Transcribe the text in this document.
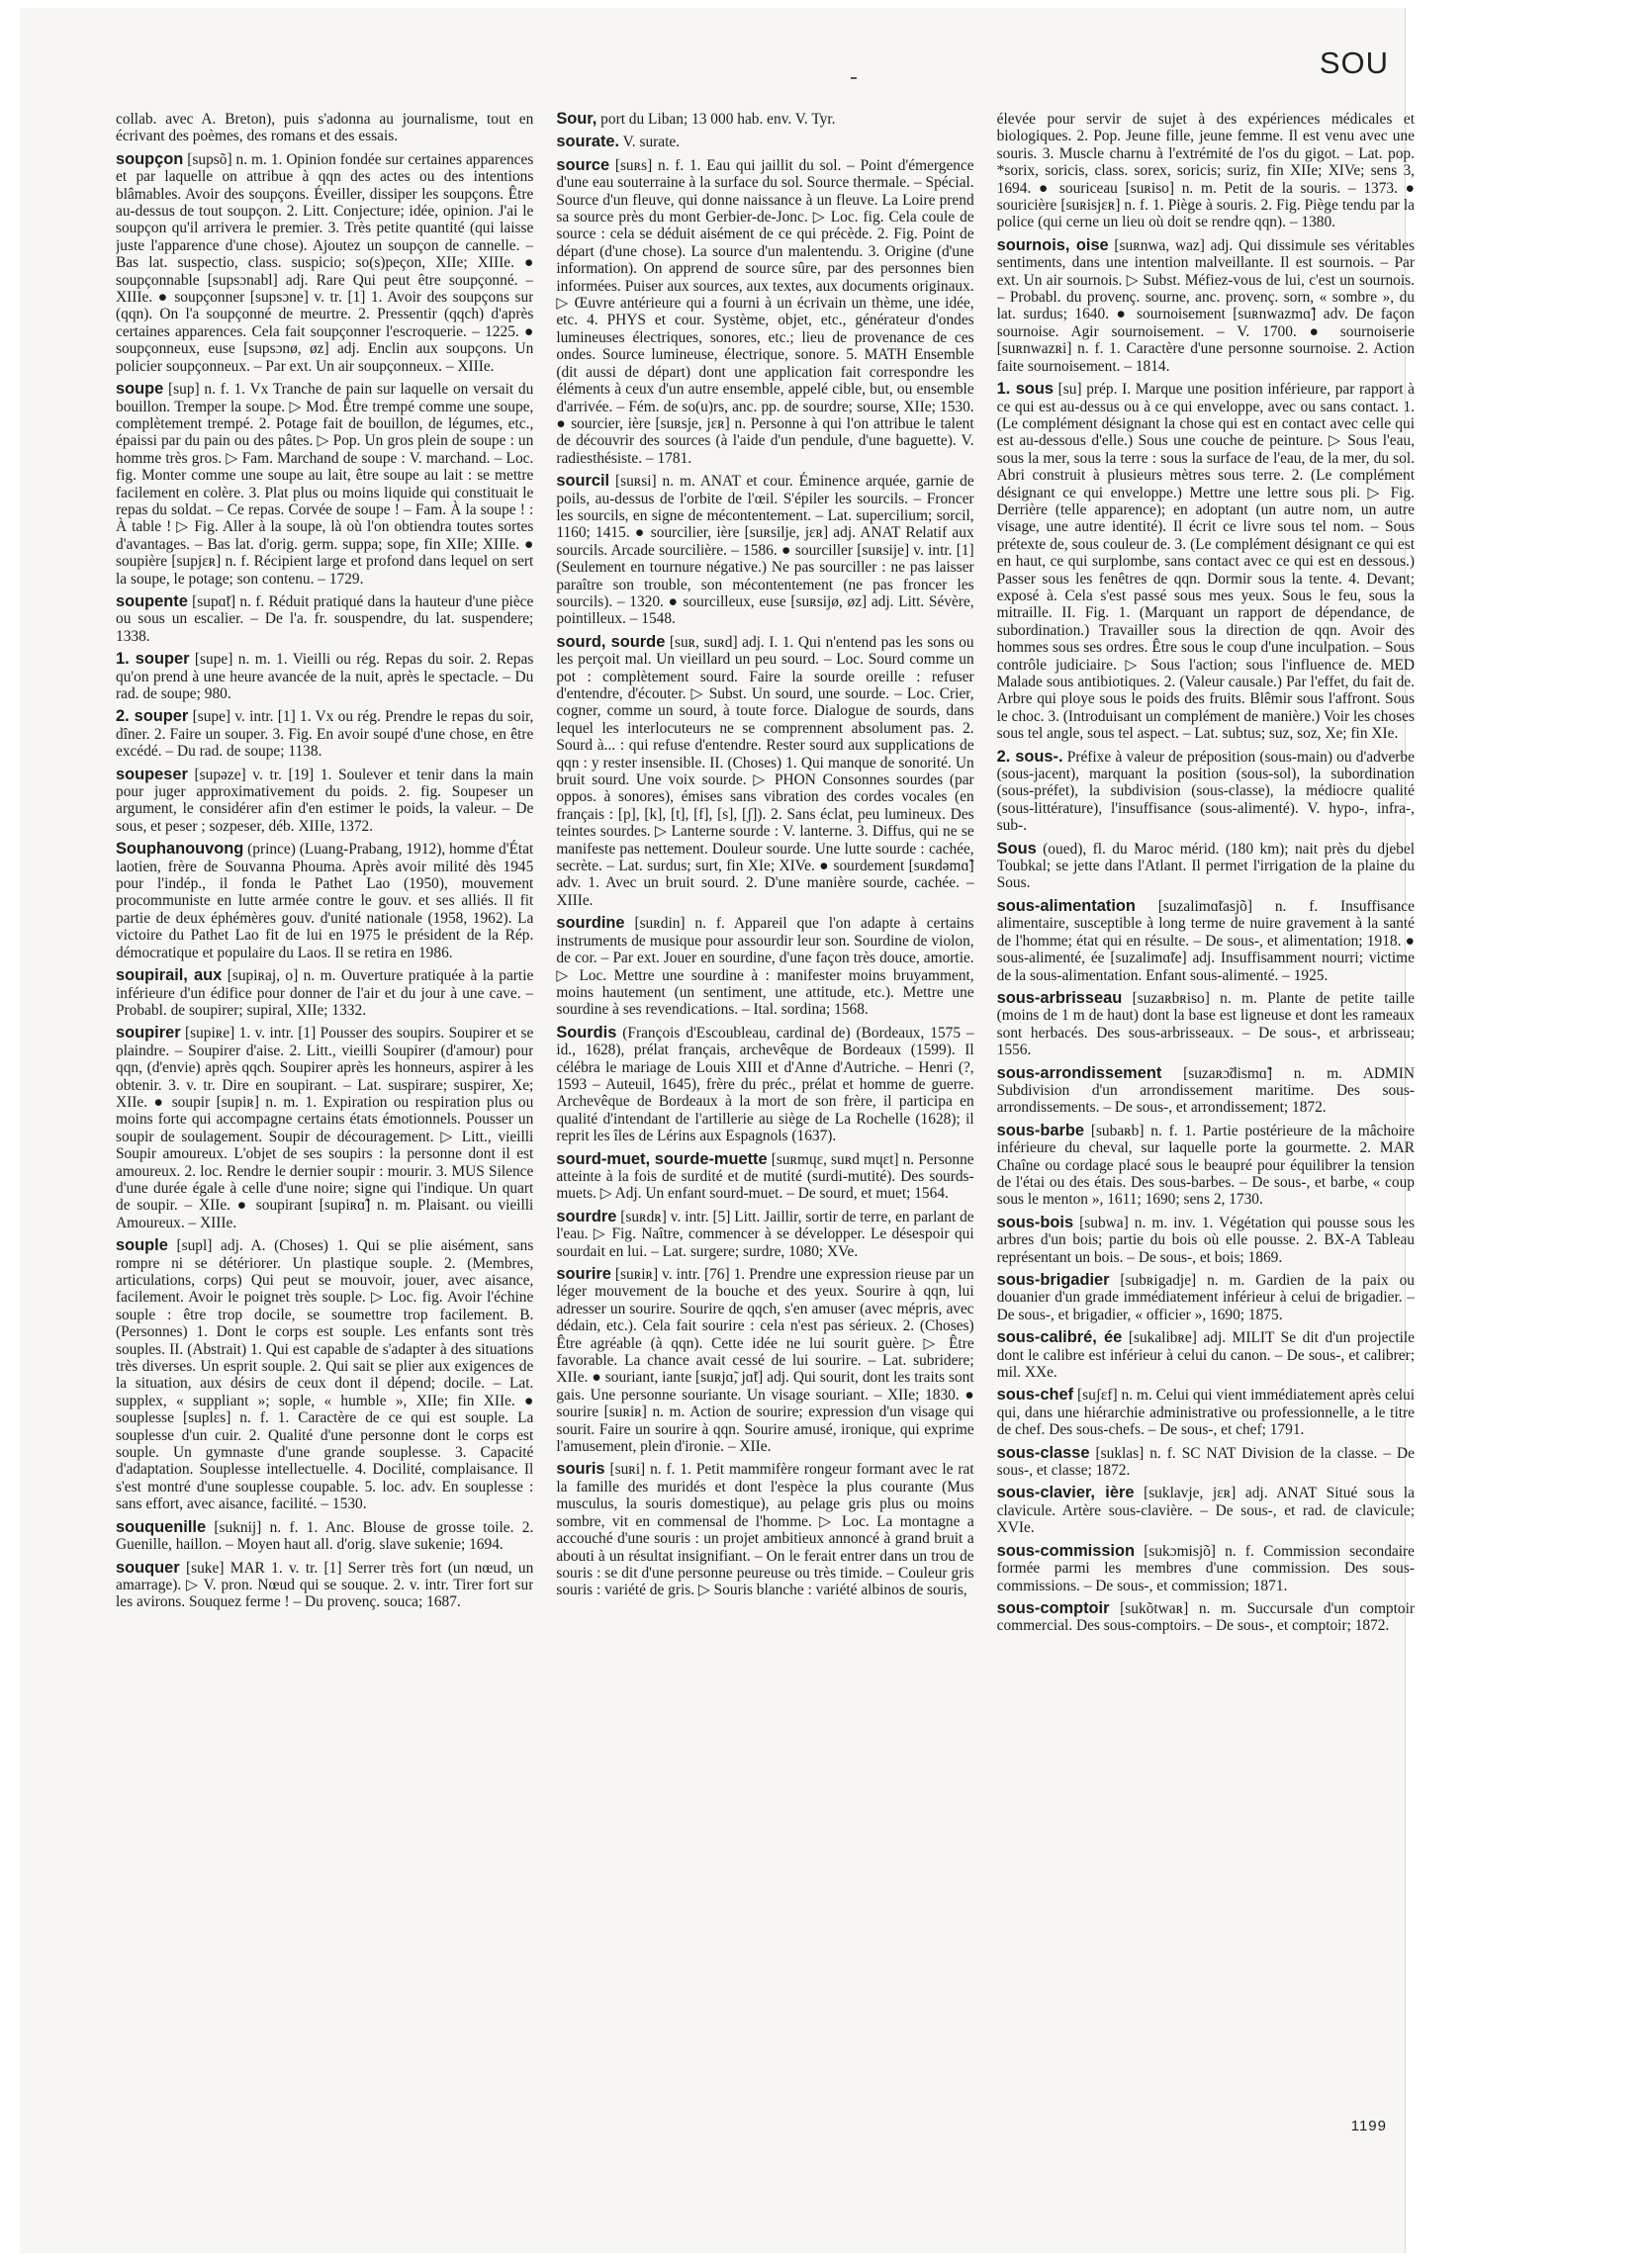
SOU

collab. avec A. Breton), puis s'adonna au journalisme, tout en écrivant des poèmes, des romans et des essais.

soupçon [supsõ] n. m. 1. Opinion fondée sur certaines apparences et par laquelle on attribue à qqn des actes ou des intentions blâmables. Avoir des soupçons. Éveiller, dissiper les soupçons. Être au-dessus de tout soupçon. 2. Litt. Conjecture; idée, opinion. J'ai le soupçon qu'il arrivera le premier. 3. Très petite quantité (qui laisse juste l'apparence d'une chose). Ajoutez un soupçon de cannelle. – Bas lat. suspectio, class. suspicio; so(s)peçon, XIIe; XIIIe. ● soupçonnable [supsɔnabl] adj. Rare Qui peut être soupçonné. – XIIIe. ● soupçonner [supsɔne] v. tr. [1] 1. Avoir des soupçons sur (qqn). On l'a soupçonné de meurtre. 2. Pressentir (qqch) d'après certaines apparences. Cela fait soupçonner l'escroquerie. – 1225. ● soupçonneux, euse [supsɔnø, øz] adj. Enclin aux soupçons. Un policier soupçonneux. – Par ext. Un air soupçonneux. – XIIIe.

soupe [sup] n. f. 1. Vx Tranche de pain sur laquelle on versait du bouillon. Tremper la soupe. ▷ Mod. Être trempé comme une soupe, complètement trempé. 2. Potage fait de bouillon, de légumes, etc., épaissi par du pain ou des pâtes. ▷ Pop. Un gros plein de soupe : un homme très gros. ▷ Fam. Marchand de soupe : V. marchand. – Loc. fig. Monter comme une soupe au lait, être soupe au lait : se mettre facilement en colère. 3. Plat plus ou moins liquide qui constituait le repas du soldat. – Ce repas. Corvée de soupe ! – Fam. À la soupe ! : À table ! ▷ Fig. Aller à la soupe, là où l'on obtiendra toutes sortes d'avantages. – Bas lat. d'orig. germ. suppa; sope, fin XIIe; XIIIe. ● soupière [supjɛʀ] n. f. Récipient large et profond dans lequel on sert la soupe, le potage; son contenu. – 1729.

soupente [supɑ̃t] n. f. Réduit pratiqué dans la hauteur d'une pièce ou sous un escalier. – De l'a. fr. souspendre, du lat. suspendere; 1338.

1. souper [supe] n. m. 1. Vieilli ou rég. Repas du soir. 2. Repas qu'on prend à une heure avancée de la nuit, après le spectacle. – Du rad. de soupe; 980.

2. souper [supe] v. intr. [1] 1. Vx ou rég. Prendre le repas du soir, dîner. 2. Faire un souper. 3. Fig. En avoir soupé d'une chose, en être excédé. – Du rad. de soupe; 1138.

soupeser [supəze] v. tr. [19] 1. Soulever et tenir dans la main pour juger approximativement du poids. 2. fig. Soupeser un argument, le considérer afin d'en estimer le poids, la valeur. – De sous, et peser ; sozpeser, déb. XIIIe, 1372.

Souphanouvong (prince) (Luang-Prabang, 1912), homme d'État laotien, frère de Souvanna Phouma. Après avoir milité dès 1945 pour l'indép., il fonda le Pathet Lao (1950), mouvement procommuniste en lutte armée contre le gouv. et ses alliés. Il fit partie de deux éphémères gouv. d'unité nationale (1958, 1962). La victoire du Pathet Lao fit de lui en 1975 le président de la Rép. démocratique et populaire du Laos. Il se retira en 1986.

soupirail, aux [supiʀaj, o] n. m. Ouverture pratiquée à la partie inférieure d'un édifice pour donner de l'air et du jour à une cave. – Probabl. de soupirer; supiral, XIIe; 1332.

soupirer [supiʀe] 1. v. intr. [1] Pousser des soupirs. Soupirer et se plaindre. – Soupirer d'aise. 2. Litt., vieilli Soupirer (d'amour) pour qqn, (d'envie) après qqch. Soupirer après les honneurs, aspirer à les obtenir. 3. v. tr. Dire en soupirant. – Lat. suspirare; suspirer, Xe; XIIe. ● soupir [supiʀ] n. m. 1. Expiration ou respiration plus ou moins forte qui accompagne certains états émotionnels. Pousser un soupir de soulagement. Soupir de découragement. ▷ Litt., vieilli Soupir amoureux. L'objet de ses soupirs : la personne dont il est amoureux. 2. loc. Rendre le dernier soupir : mourir. 3. MUS Silence d'une durée égale à celle d'une noire; signe qui l'indique. Un quart de soupir. – XIIe. ● soupirant [supiʀɑ̃] n. m. Plaisant. ou vieilli Amoureux. – XIIIe.

souple [supl] adj. A. (Choses) 1. Qui se plie aisément, sans rompre ni se détériorer. Un plastique souple. 2. (Membres, articulations, corps) Qui peut se mouvoir, jouer, avec aisance, facilement. Avoir le poignet très souple. ▷ Loc. fig. Avoir l'échine souple : être trop docile, se soumettre trop facilement. B. (Personnes) 1. Dont le corps est souple. Les enfants sont très souples. II. (Abstrait) 1. Qui est capable de s'adapter à des situations très diverses. Un esprit souple. 2. Qui sait se plier aux exigences de la situation, aux désirs de ceux dont il dépend; docile. – Lat. supplex, « suppliant »; sople, « humble », XIIe; fin XIIe. ● souplesse [suplɛs] n. f. 1. Caractère de ce qui est souple. La souplesse d'un cuir. 2. Qualité d'une personne dont le corps est souple. Un gymnaste d'une grande souplesse. 3. Capacité d'adaptation. Souplesse intellectuelle. 4. Docilité, complaisance. Il s'est montré d'une souplesse coupable. 5. loc. adv. En souplesse : sans effort, avec aisance, facilité. – 1530.

souquenille [suknij] n. f. 1. Anc. Blouse de grosse toile. 2. Guenille, haillon. – Moyen haut all. d'orig. slave sukenie; 1694.

souquer [suke] MAR 1. v. tr. [1] Serrer très fort (un nœud, un amarrage). ▷ V. pron. Nœud qui se souque. 2. v. intr. Tirer fort sur les avirons. Souquez ferme ! – Du provenç. souca; 1687.

Sour, port du Liban; 13 000 hab. env. V. Tyr.

sourate. V. surate.

source [suʀs] n. f. 1. Eau qui jaillit du sol. – Point d'émergence d'une eau souterraine à la surface du sol. Source thermale. – Spécial. Source d'un fleuve, qui donne naissance à un fleuve. La Loire prend sa source près du mont Gerbier-de-Jonc. ▷ Loc. fig. Cela coule de source : cela se déduit aisément de ce qui précède. 2. Fig. Point de départ (d'une chose). La source d'un malentendu. 3. Origine (d'une information). On apprend de source sûre, par des personnes bien informées. Puiser aux sources, aux textes, aux documents originaux. ▷ Œuvre antérieure qui a fourni à un écrivain un thème, une idée, etc. 4. PHYS et cour. Système, objet, etc., générateur d'ondes lumineuses électriques, sonores, etc.; lieu de provenance de ces ondes. Source lumineuse, électrique, sonore. 5. MATH Ensemble (dit aussi de départ) dont une application fait correspondre les éléments à ceux d'un autre ensemble, appelé cible, but, ou ensemble d'arrivée. – Fém. de so(u)rs, anc. pp. de sourdre; sourse, XIIe; 1530. ● sourcier, ière [suʀsje, jɛʀ] n. Personne à qui l'on attribue le talent de découvrir des sources (à l'aide d'un pendule, d'une baguette). V. radiesthésiste. – 1781.

sourcil [suʀsi] n. m. ANAT et cour. Éminence arquée, garnie de poils, au-dessus de l'orbite de l'œil. S'épiler les sourcils. – Froncer les sourcils, en signe de mécontentement. – Lat. supercilium; sorcil, 1160; 1415. ● sourcilier, ière [suʀsilje, jɛʀ] adj. ANAT Relatif aux sourcils. Arcade sourcilière. – 1586. ● sourciller [suʀsije] v. intr. [1] (Seulement en tournure négative.) Ne pas sourciller : ne pas laisser paraître son trouble, son mécontentement (ne pas froncer les sourcils). – 1320. ● sourcilleux, euse [suʀsijø, øz] adj. Litt. Sévère, pointilleux. – 1548.

sourd, sourde [suʀ, suʀd] adj. I. 1. Qui n'entend pas les sons ou les perçoit mal. Un vieillard un peu sourd. – Loc. Sourd comme un pot : complètement sourd. Faire la sourde oreille : refuser d'entendre, d'écouter. ▷ Subst. Un sourd, une sourde. – Loc. Crier, cogner, comme un sourd, à toute force. Dialogue de sourds, dans lequel les interlocuteurs ne se comprennent absolument pas. 2. Sourd à... : qui refuse d'entendre. Rester sourd aux supplications de qqn : y rester insensible. II. (Choses) 1. Qui manque de sonorité. Un bruit sourd. Une voix sourde. ▷ PHON Consonnes sourdes (par oppos. à sonores), émises sans vibration des cordes vocales (en français : [p], [k], [t], [f], [s], [ʃ]). 2. Sans éclat, peu lumineux. Des teintes sourdes. ▷ Lanterne sourde : V. lanterne. 3. Diffus, qui ne se manifeste pas nettement. Douleur sourde. Une lutte sourde : cachée, secrète. – Lat. surdus; surt, fin XIe; XIVe. ● sourdement [suʀdəmɑ̃] adv. 1. Avec un bruit sourd. 2. D'une manière sourde, cachée. – XIIIe.

sourdine [suʀdin] n. f. Appareil que l'on adapte à certains instruments de musique pour assourdir leur son. Sourdine de violon, de cor. – Par ext. Jouer en sourdine, d'une façon très douce, amortie. ▷ Loc. Mettre une sourdine à : manifester moins bruyamment, moins hautement (un sentiment, une attitude, etc.). Mettre une sourdine à ses revendications. – Ital. sordina; 1568.

Sourdis (François d'Escoubleau, cardinal de) (Bordeaux, 1575 – id., 1628), prélat français, archevêque de Bordeaux (1599). Il célébra le mariage de Louis XIII et d'Anne d'Autriche. – Henri (?, 1593 – Auteuil, 1645), frère du préc., prélat et homme de guerre. Archevêque de Bordeaux à la mort de son frère, il participa en qualité d'intendant de l'artillerie au siège de La Rochelle (1628); il reprit les îles de Lérins aux Espagnols (1637).

sourd-muet, sourde-muette [suʀmɥɛ, suʀd mɥɛt] n. Personne atteinte à la fois de surdité et de mutité (surdi-mutité). Des sourds-muets. ▷ Adj. Un enfant sourd-muet. – De sourd, et muet; 1564.

sourdre [suʀdʀ] v. intr. [5] Litt. Jaillir, sortir de terre, en parlant de l'eau. ▷ Fig. Naître, commencer à se développer. Le désespoir qui sourdait en lui. – Lat. surgere; surdre, 1080; XVe.

sourire [suʀiʀ] v. intr. [76] 1. Prendre une expression rieuse par un léger mouvement de la bouche et des yeux. Sourire à qqn, lui adresser un sourire. Sourire de qqch, s'en amuser (avec mépris, avec dédain, etc.). Cela fait sourire : cela n'est pas sérieux. 2. (Choses) Être agréable (à qqn). Cette idée ne lui sourit guère. ▷ Être favorable. La chance avait cessé de lui sourire. – Lat. subridere; XIIe. ● souriant, iante [suʀjɑ̃, jɑ̃t] adj. Qui sourit, dont les traits sont gais. Une personne souriante. Un visage souriant. – XIIe; 1830. ● sourire [suʀiʀ] n. m. Action de sourire; expression d'un visage qui sourit. Faire un sourire à qqn. Sourire amusé, ironique, qui exprime l'amusement, plein d'ironie. – XIIe.

souris [suʀi] n. f. 1. Petit mammifère rongeur formant avec le rat la famille des muridés et dont l'espèce la plus courante (Mus musculus, la souris domestique), au pelage gris plus ou moins sombre, vit en commensal de l'homme. ▷ Loc. La montagne a accouché d'une souris : un projet ambitieux annoncé à grand bruit a abouti à un résultat insignifiant. – On le ferait entrer dans un trou de souris : se dit d'une personne peureuse ou très timide. – Couleur gris souris : variété de gris. ▷ Souris blanche : variété albinos de souris,

élevée pour servir de sujet à des expériences médicales et biologiques. 2. Pop. Jeune fille, jeune femme. Il est venu avec une souris. 3. Muscle charnu à l'extrémité de l'os du gigot. – Lat. pop. *sorix, soricis, class. sorex, soricis; suriz, fin XIIe; XIVe; sens 3, 1694. ● souriceau [suʀiso] n. m. Petit de la souris. – 1373. ● souricière [suʀisjɛʀ] n. f. 1. Piège à souris. 2. Fig. Piège tendu par la police (qui cerne un lieu où doit se rendre qqn). – 1380.

sournois, oise [suʀnwa, waz] adj. Qui dissimule ses véritables sentiments, dans une intention malveillante. Il est sournois. – Par ext. Un air sournois. ▷ Subst. Méfiez-vous de lui, c'est un sournois. – Probabl. du provenç. sourne, anc. provenç. sorn, « sombre », du lat. surdus; 1640. ● sournoisement [suʀnwazmɑ̃] adv. De façon sournoise. Agir sournoisement. – V. 1700. ● sournoiserie [suʀnwazʀi] n. f. 1. Caractère d'une personne sournoise. 2. Action faite sournoisement. – 1814.

1. sous [su] prép. I. Marque une position inférieure, par rapport à ce qui est au-dessus ou à ce qui enveloppe, avec ou sans contact. 1. (Le complément désignant la chose qui est en contact avec celle qui est au-dessous d'elle.) Sous une couche de peinture. ▷ Sous l'eau, sous la mer, sous la terre : sous la surface de l'eau, de la mer, du sol. Abri construit à plusieurs mètres sous terre. 2. (Le complément désignant ce qui enveloppe.) Mettre une lettre sous pli. ▷ Fig. Derrière (telle apparence); en adoptant (un autre nom, un autre visage, une autre identité). Il écrit ce livre sous tel nom. – Sous prétexte de, sous couleur de. 3. (Le complément désignant ce qui est en haut, ce qui surplombe, sans contact avec ce qui est en dessous.) Passer sous les fenêtres de qqn. Dormir sous la tente. 4. Devant; exposé à. Cela s'est passé sous mes yeux. Sous le feu, sous la mitraille. II. Fig. 1. (Marquant un rapport de dépendance, de subordination.) Travailler sous la direction de qqn. Avoir des hommes sous ses ordres. Être sous le coup d'une inculpation. – Sous contrôle judiciaire. ▷ Sous l'action; sous l'influence de. MED Malade sous antibiotiques. 2. (Valeur causale.) Par l'effet, du fait de. Arbre qui ploye sous le poids des fruits. Blêmir sous l'affront. Sous le choc. 3. (Introduisant un complément de manière.) Voir les choses sous tel angle, sous tel aspect. – Lat. subtus; suz, soz, Xe; fin XIe.

2. sous-. Préfixe à valeur de préposition (sous-main) ou d'adverbe (sous-jacent), marquant la position (sous-sol), la subordination (sous-préfet), la subdivision (sous-classe), la médiocre qualité (sous-littérature), l'insuffisance (sous-alimenté). V. hypo-, infra-, sub-.

Sous (oued), fl. du Maroc mérid. (180 km); nait près du djebel Toubkal; se jette dans l'Atlant. Il permet l'irrigation de la plaine du Sous.

sous-alimentation [suzalimɑ̃tasjõ] n. f. Insuffisance alimentaire, susceptible à long terme de nuire gravement à la santé de l'homme; état qui en résulte. – De sous-, et alimentation; 1918. ● sous-alimenté, ée [suzalimɑ̃te] adj. Insuffisamment nourri; victime de la sous-alimentation. Enfant sous-alimenté. – 1925.

sous-arbrisseau [suzaʀbʀiso] n. m. Plante de petite taille (moins de 1 m de haut) dont la base est ligneuse et dont les rameaux sont herbacés. Des sous-arbrisseaux. – De sous-, et arbrisseau; 1556.

sous-arrondissement [suzaʀɔ̃dismɑ̃] n. m. ADMIN Subdivision d'un arrondissement maritime. Des sous-arrondissements. – De sous-, et arrondissement; 1872.

sous-barbe [subaʀb] n. f. 1. Partie postérieure de la mâchoire inférieure du cheval, sur laquelle porte la gourmette. 2. MAR Chaîne ou cordage placé sous le beaupré pour équilibrer la tension de l'étai ou des étais. Des sous-barbes. – De sous-, et barbe, « coup sous le menton », 1611; 1690; sens 2, 1730.

sous-bois [subwa] n. m. inv. 1. Végétation qui pousse sous les arbres d'un bois; partie du bois où elle pousse. 2. BX-A Tableau représentant un bois. – De sous-, et bois; 1869.

sous-brigadier [subʀigadje] n. m. Gardien de la paix ou douanier d'un grade immédiatement inférieur à celui de brigadier. – De sous-, et brigadier, « officier », 1690; 1875.

sous-calibré, ée [sukalibʀe] adj. MILIT Se dit d'un projectile dont le calibre est inférieur à celui du canon. – De sous-, et calibrer; mil. XXe.

sous-chef [suʃɛf] n. m. Celui qui vient immédiatement après celui qui, dans une hiérarchie administrative ou professionnelle, a le titre de chef. Des sous-chefs. – De sous-, et chef; 1791.

sous-classe [suklas] n. f. SC NAT Division de la classe. – De sous-, et classe; 1872.

sous-clavier, ière [suklavje, jɛʀ] adj. ANAT Situé sous la clavicule. Artère sous-clavière. – De sous-, et rad. de clavicule; XVIe.

sous-commission [sukɔmisjõ] n. f. Commission secondaire formée parmi les membres d'une commission. Des sous-commissions. – De sous-, et commission; 1871.

sous-comptoir [sukõtwaʀ] n. m. Succursale d'un comptoir commercial. Des sous-comptoirs. – De sous-, et comptoir; 1872.

1199
